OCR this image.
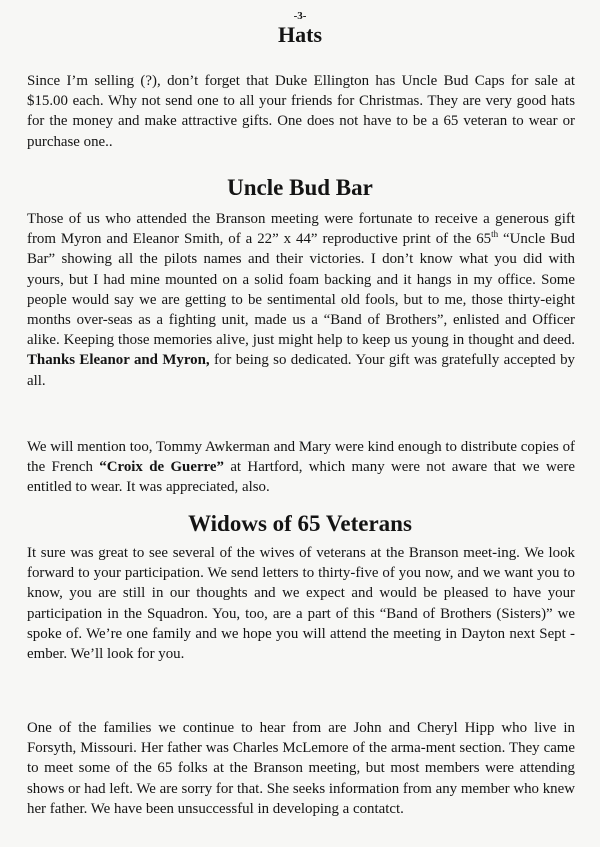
-3-
Hats

Since I’m selling (?), don’t forget that Duke Ellington has Uncle Bud Caps for sale at $15.00 each. Why not send one to all your friends for Christmas. They are very good hats for the money and make attractive gifts. One does not have to be a 65 veteran to wear or purchase one..

Uncle Bud Bar

Those of us who attended the Branson meeting were fortunate to receive a generous gift from Myron and Eleanor Smith, of a 22” x 44” reproductive print of the 65th “Uncle Bud Bar” showing all the pilots names and their victories. I don’t know what you did with yours, but I had mine mounted on a solid foam backing and it hangs in my office. Some people would say we are getting to be sentimental old fools, but to me, those thirty-eight months over-seas as a fighting unit, made us a “Band of Brothers”, enlisted and Officer alike. Keeping those memories alive, just might help to keep us young in thought and deed. Thanks Eleanor and Myron, for being so dedicated. Your gift was gratefully accepted by all.

We will mention too, Tommy Awkerman and Mary were kind enough to distribute copies of the French “Croix de Guerre” at Hartford, which many were not aware that we were entitled to wear. It was appreciated, also.

Widows of 65 Veterans

It sure was great to see several of the wives of veterans at the Branson meet-ing. We look forward to your participation. We send letters to thirty-five of you now, and we want you to know, you are still in our thoughts and we expect and would be pleased to have your participation in the Squadron. You, too, are a part of this “Band of Brothers (Sisters)” we spoke of. We’re one family and we hope you will attend the meeting in Dayton next Sept - ember. We’ll look for you.

One of the families we continue to hear from are John and Cheryl Hipp who live in Forsyth, Missouri. Her father was Charles McLemore of the arma-ment section. They came to meet some of the 65 folks at the Branson meeting, but most members were attending shows or had left. We are sorry for that. She seeks information from any member who knew her father. We have been unsuccessful in developing a contatct.
